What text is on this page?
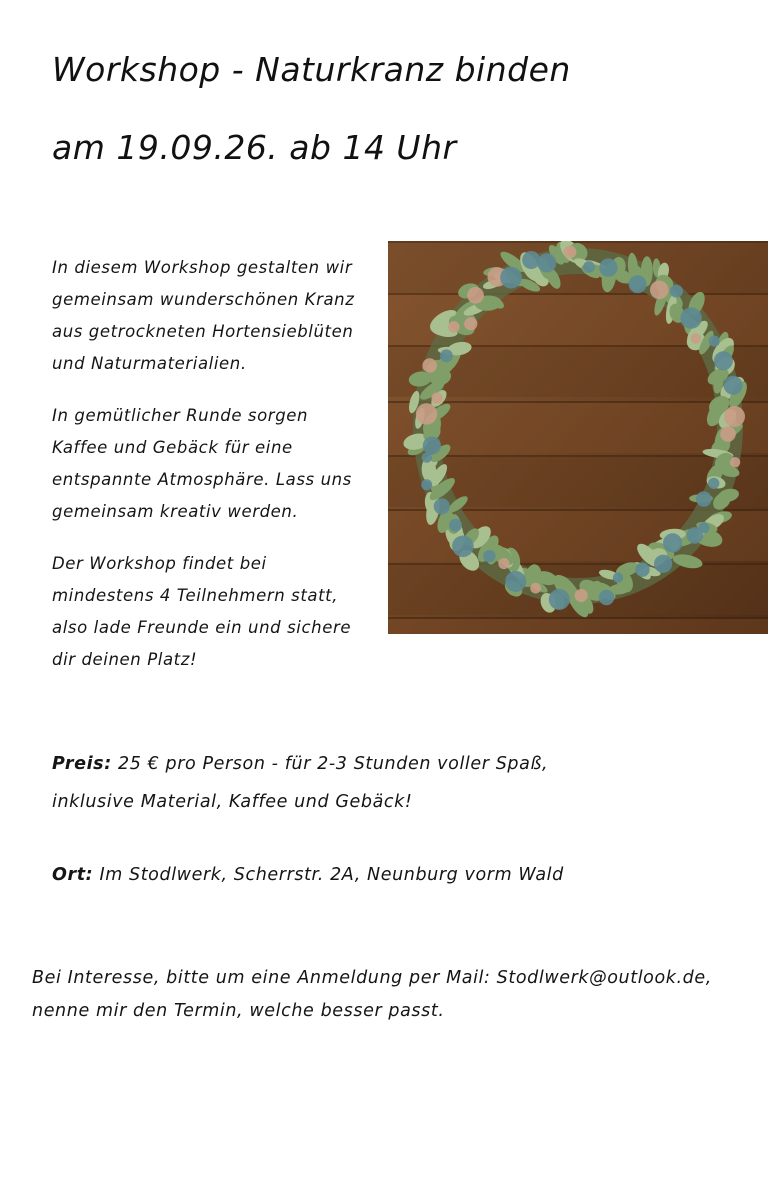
Workshop - Naturkranz binden
am 19.09.26. ab 14 Uhr

In diesem Workshop gestalten wir
gemeinsam wunderschönen Kranz
aus getrockneten Hortensieblüten
und Naturmaterialien.

In gemütlicher Runde sorgen
Kaffee und Gebäck für eine
entspannte Atmosphäre. Lass uns
gemeinsam kreativ werden.

Der Workshop findet bei
mindestens 4 Teilnehmern statt,
also lade Freunde ein und sichere
dir deinen Platz!

Preis: 25 € pro Person - für 2-3 Stunden voller Spaß,

inklusive Material, Kaffee und Gebäck!

Ort: Im Stodlwerk, Scherrstr. 2A, Neunburg vorm Wald

Bei Interesse, bitte um eine Anmeldung per Mail: Stodlwerk@outlook.de,

nenne mir den Termin, welche besser passt.
